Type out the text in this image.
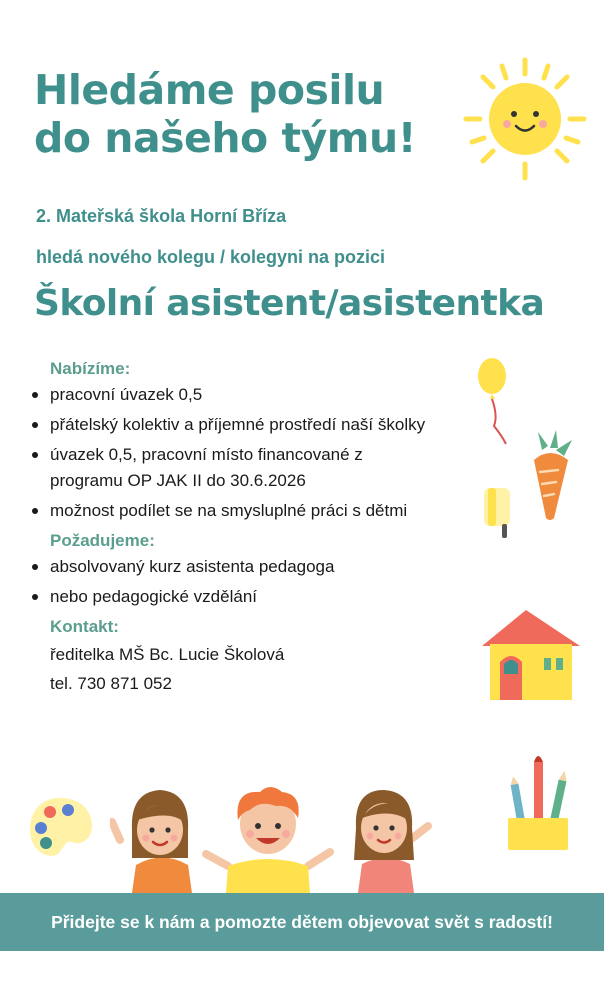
Hledáme posilu
do našeho týmu!
2. Mateřská škola Horní Bříza
hledá nového kolegu / kolegyni na pozici
Školní asistent/asistentka
Nabízíme:
pracovní úvazek 0,5
přátelský kolektiv a příjemné prostředí naší školky
úvazek 0,5, pracovní místo financované z programu OP JAK II do 30.6.2026
možnost podílet se na smysluplné práci s dětmi
Požadujeme:
absolvovaný kurz asistenta pedagoga
nebo pedagogické vzdělání
Kontakt:
ředitelka MŠ Bc. Lucie Školová
tel. 730 871 052
Přidejte se k nám a pomozte dětem objevovat svět s radostí!
